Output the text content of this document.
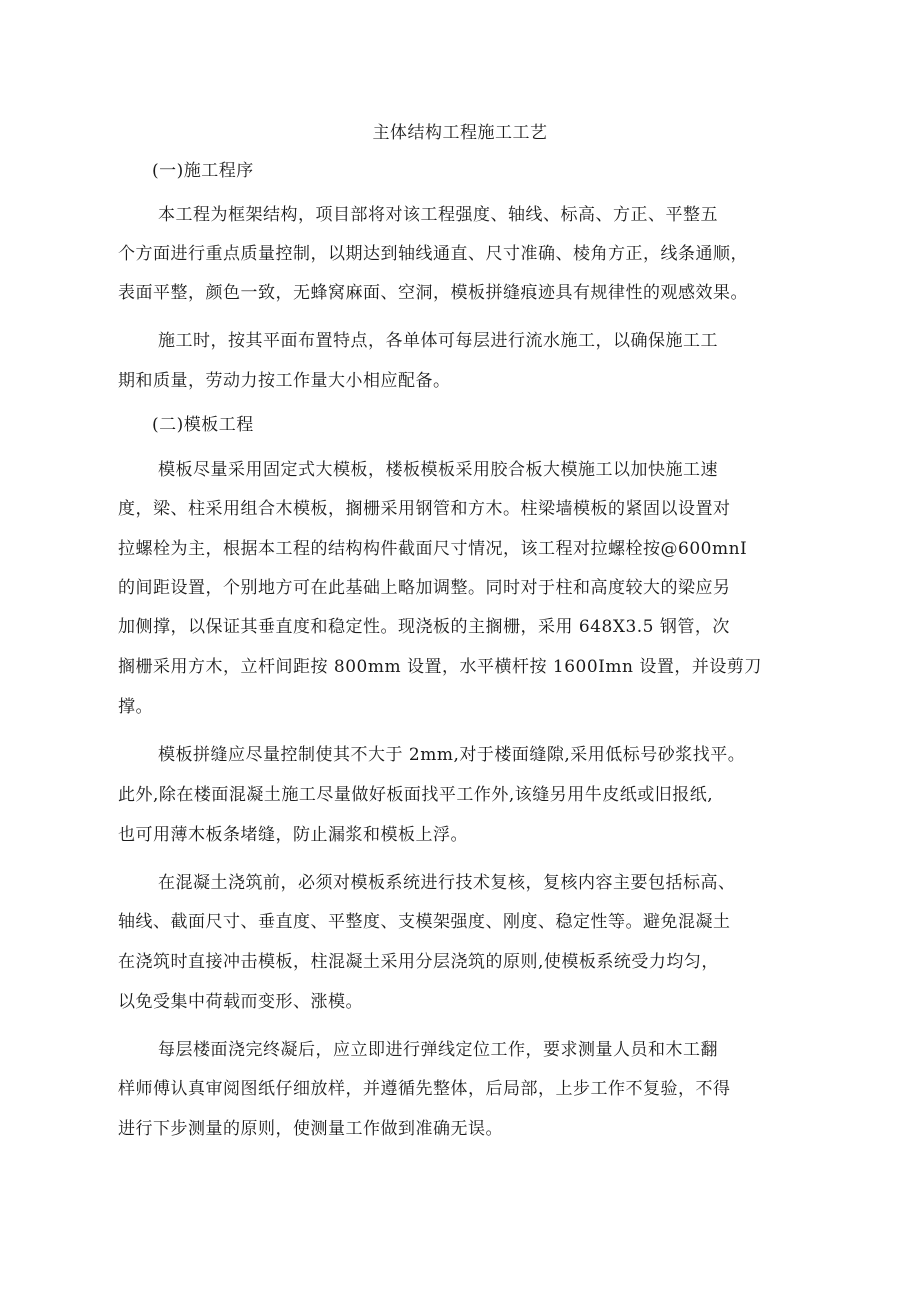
主体结构工程施工工艺
(一)施工程序
本工程为框架结构，项目部将对该工程强度、轴线、标高、方正、平整五
个方面进行重点质量控制，以期达到轴线通直、尺寸准确、棱角方正，线条通顺，
表面平整，颜色一致，无蜂窝麻面、空洞，模板拼缝痕迹具有规律性的观感效果。
施工时，按其平面布置特点，各单体可每层进行流水施工，以确保施工工
期和质量，劳动力按工作量大小相应配备。
(二)模板工程
模板尽量采用固定式大模板，楼板模板采用胶合板大模施工以加快施工速
度，梁、柱采用组合木模板，搁栅采用钢管和方木。柱梁墙模板的紧固以设置对
拉螺栓为主，根据本工程的结构构件截面尺寸情况，该工程对拉螺栓按@600mnI
的间距设置，个别地方可在此基础上略加调整。同时对于柱和高度较大的梁应另
加侧撑，以保证其垂直度和稳定性。现浇板的主搁栅，采用 648X3.5 钢管，次
搁栅采用方木，立杆间距按 800mm 设置，水平横杆按 1600Imn 设置，并设剪刀
撑。
模板拼缝应尽量控制使其不大于 2mm,对于楼面缝隙,采用低标号砂浆找平。
此外,除在楼面混凝土施工尽量做好板面找平工作外,该缝另用牛皮纸或旧报纸,
也可用薄木板条堵缝，防止漏浆和模板上浮。
在混凝土浇筑前，必须对模板系统进行技术复核，复核内容主要包括标高、
轴线、截面尺寸、垂直度、平整度、支模架强度、刚度、稳定性等。避免混凝土
在浇筑时直接冲击模板，柱混凝土采用分层浇筑的原则,使模板系统受力均匀，
以免受集中荷载而变形、涨模。
每层楼面浇完终凝后，应立即进行弹线定位工作，要求测量人员和木工翻
样师傅认真审阅图纸仔细放样，并遵循先整体，后局部，上步工作不复验，不得
进行下步测量的原则，使测量工作做到准确无误。
